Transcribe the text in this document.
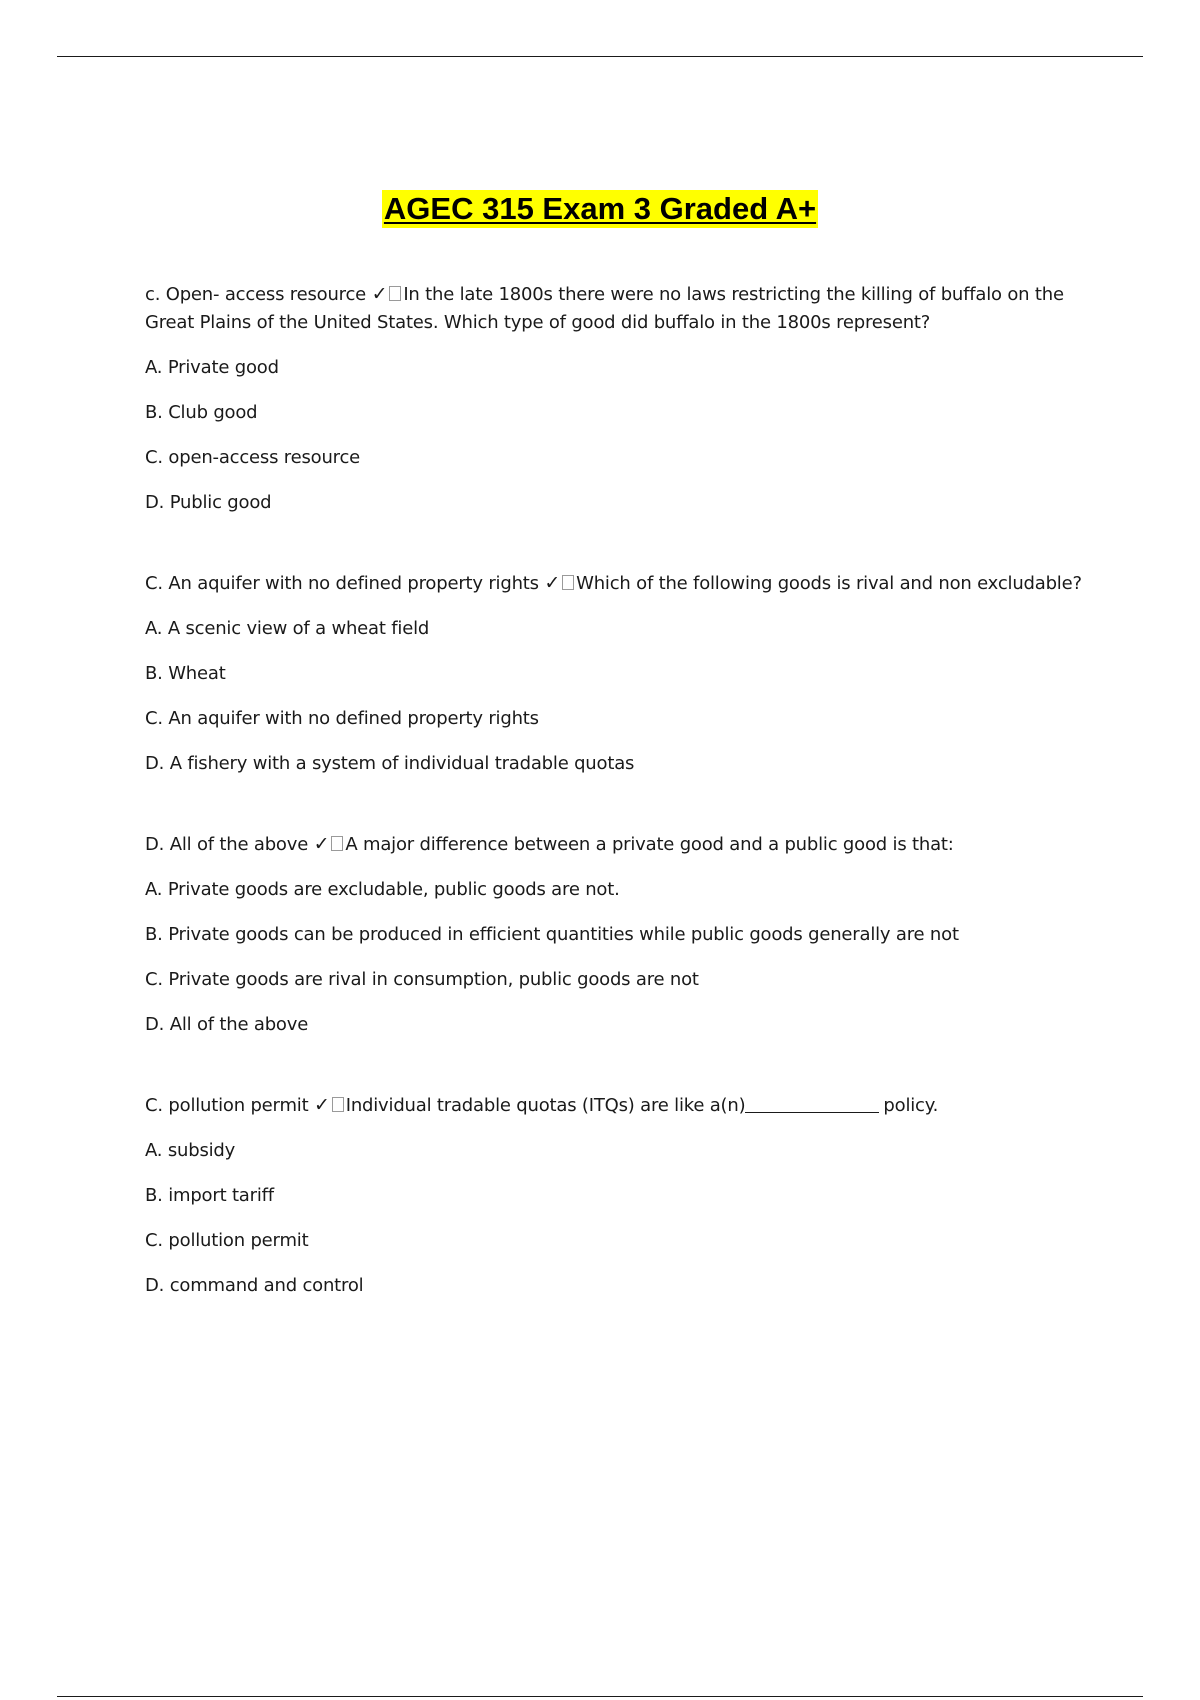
AGEC 315 Exam 3 Graded A+

c. Open- access resource ✓ In the late 1800s there were no laws restricting the killing of buffalo on the Great Plains of the United States. Which type of good did buffalo in the 1800s represent?

A. Private good

B. Club good

C. open-access resource

D. Public good

C. An aquifer with no defined property rights ✓ Which of the following goods is rival and non excludable?

A. A scenic view of a wheat field

B. Wheat

C. An aquifer with no defined property rights

D. A fishery with a system of individual tradable quotas

D. All of the above ✓ A major difference between a private good and a public good is that:

A. Private goods are excludable, public goods are not.

B. Private goods can be produced in efficient quantities while public goods generally are not

C. Private goods are rival in consumption, public goods are not

D. All of the above

C. pollution permit ✓ Individual tradable quotas (ITQs) are like a(n)	policy.

A. subsidy

B. import tariff

C. pollution permit

D. command and control
